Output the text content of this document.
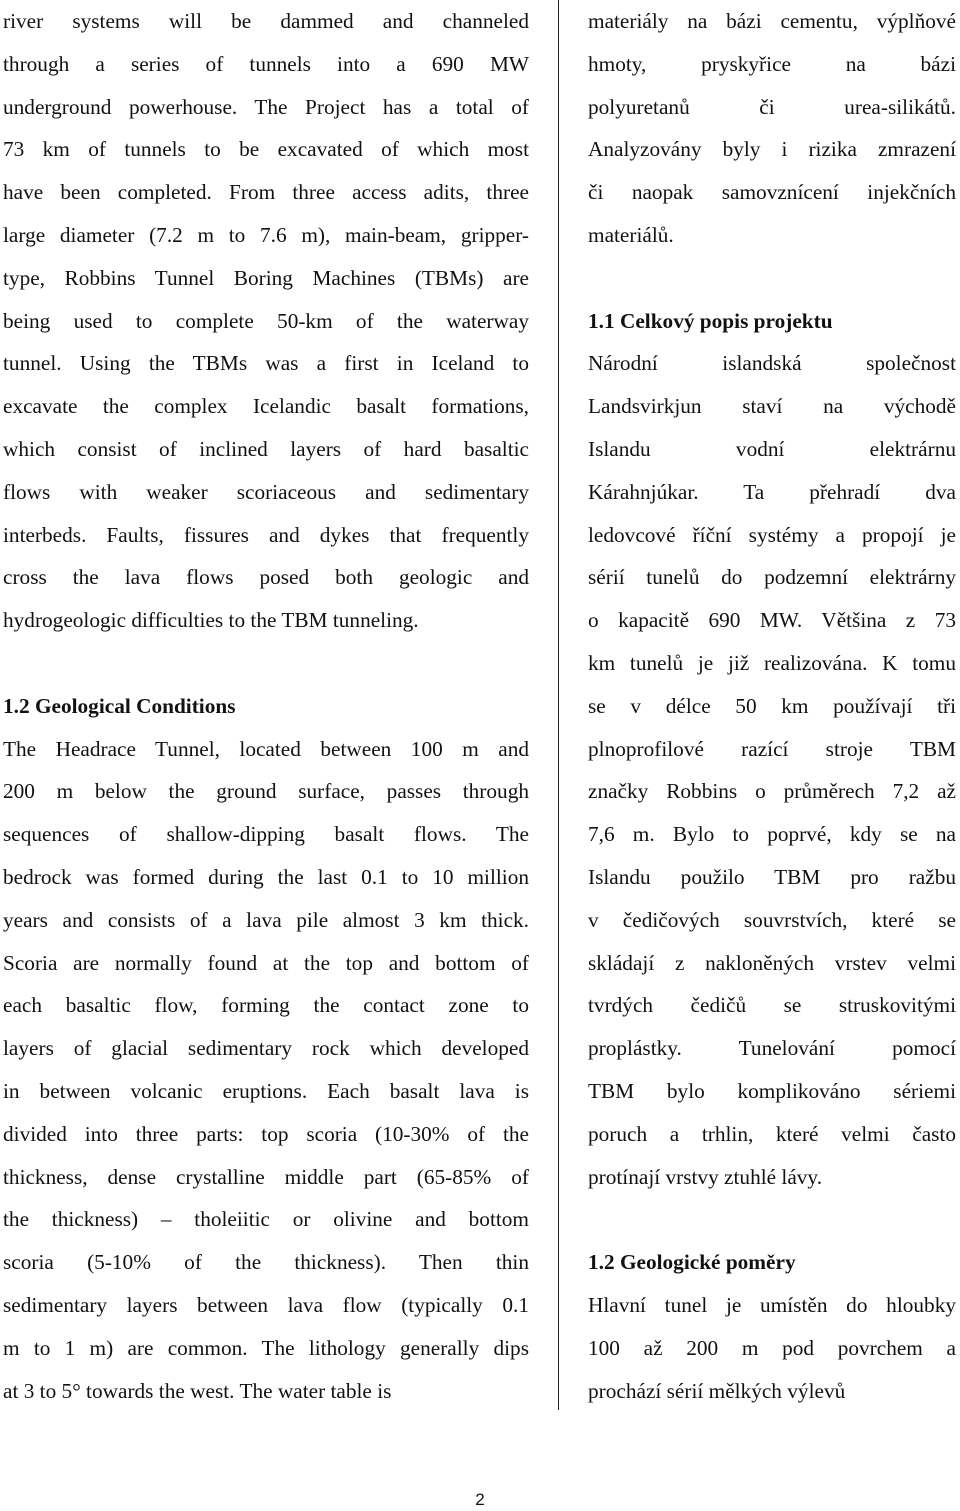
river systems will be dammed and channeled
through a series of tunnels into a 690 MW
underground powerhouse. The Project has a total of
73 km of tunnels to be excavated of which most
have been completed. From three access adits, three
large diameter (7.2 m to 7.6 m), main-beam, gripper-
type, Robbins Tunnel Boring Machines (TBMs) are
being used to complete 50-km of the waterway
tunnel. Using the TBMs was a first in Iceland to
excavate the complex Icelandic basalt formations,
which consist of inclined layers of hard basaltic
flows with weaker scoriaceous and sedimentary
interbeds. Faults, fissures and dykes that frequently
cross the lava flows posed both geologic and
hydrogeologic difficulties to the TBM tunneling.

1.2 Geological Conditions

The Headrace Tunnel, located between 100 m and
200 m below the ground surface, passes through
sequences of shallow-dipping basalt flows. The
bedrock was formed during the last 0.1 to 10 million
years and consists of a lava pile almost 3 km thick.
Scoria are normally found at the top and bottom of
each basaltic flow, forming the contact zone to
layers of glacial sedimentary rock which developed
in between volcanic eruptions. Each basalt lava is
divided into three parts: top scoria (10-30% of the
thickness, dense crystalline middle part (65-85% of
the thickness) – tholeiitic or olivine and bottom
scoria (5-10% of the thickness). Then thin
sedimentary layers between lava flow (typically 0.1
m to 1 m) are common. The lithology generally dips
at 3 to 5° towards the west. The water table is

materiály na bázi cementu, výplňové
hmoty, pryskyřice na bázi
polyuretanů či urea-silikátů.
Analyzovány byly i rizika zmrazení
či naopak samovznícení injekčních
materiálů.

1.1 Celkový popis projektu

Národní islandská společnost
Landsvirkjun staví na východě
Islandu vodní elektrárnu
Kárahnjúkar. Ta přehradí dva
ledovcové říční systémy a propojí je
sérií tunelů do podzemní elektrárny
o kapacitě 690 MW. Většina z 73
km tunelů je již realizována. K tomu
se v délce 50 km používají tři
plnoprofilové razící stroje TBM
značky Robbins o průměrech 7,2 až
7,6 m. Bylo to poprvé, kdy se na
Islandu použilo TBM pro ražbu
v čedičových souvrstvích, které se
skládají z nakloněných vrstev velmi
tvrdých čedičů se struskovitými
proplástky. Tunelování pomocí
TBM bylo komplikováno sériemi
poruch a trhlin, které velmi často
protínají vrstvy ztuhlé lávy.

1.2 Geologické poměry

Hlavní tunel je umístěn do hloubky
100 až 200 m pod povrchem a
prochází sérií mělkých výlevů

2
